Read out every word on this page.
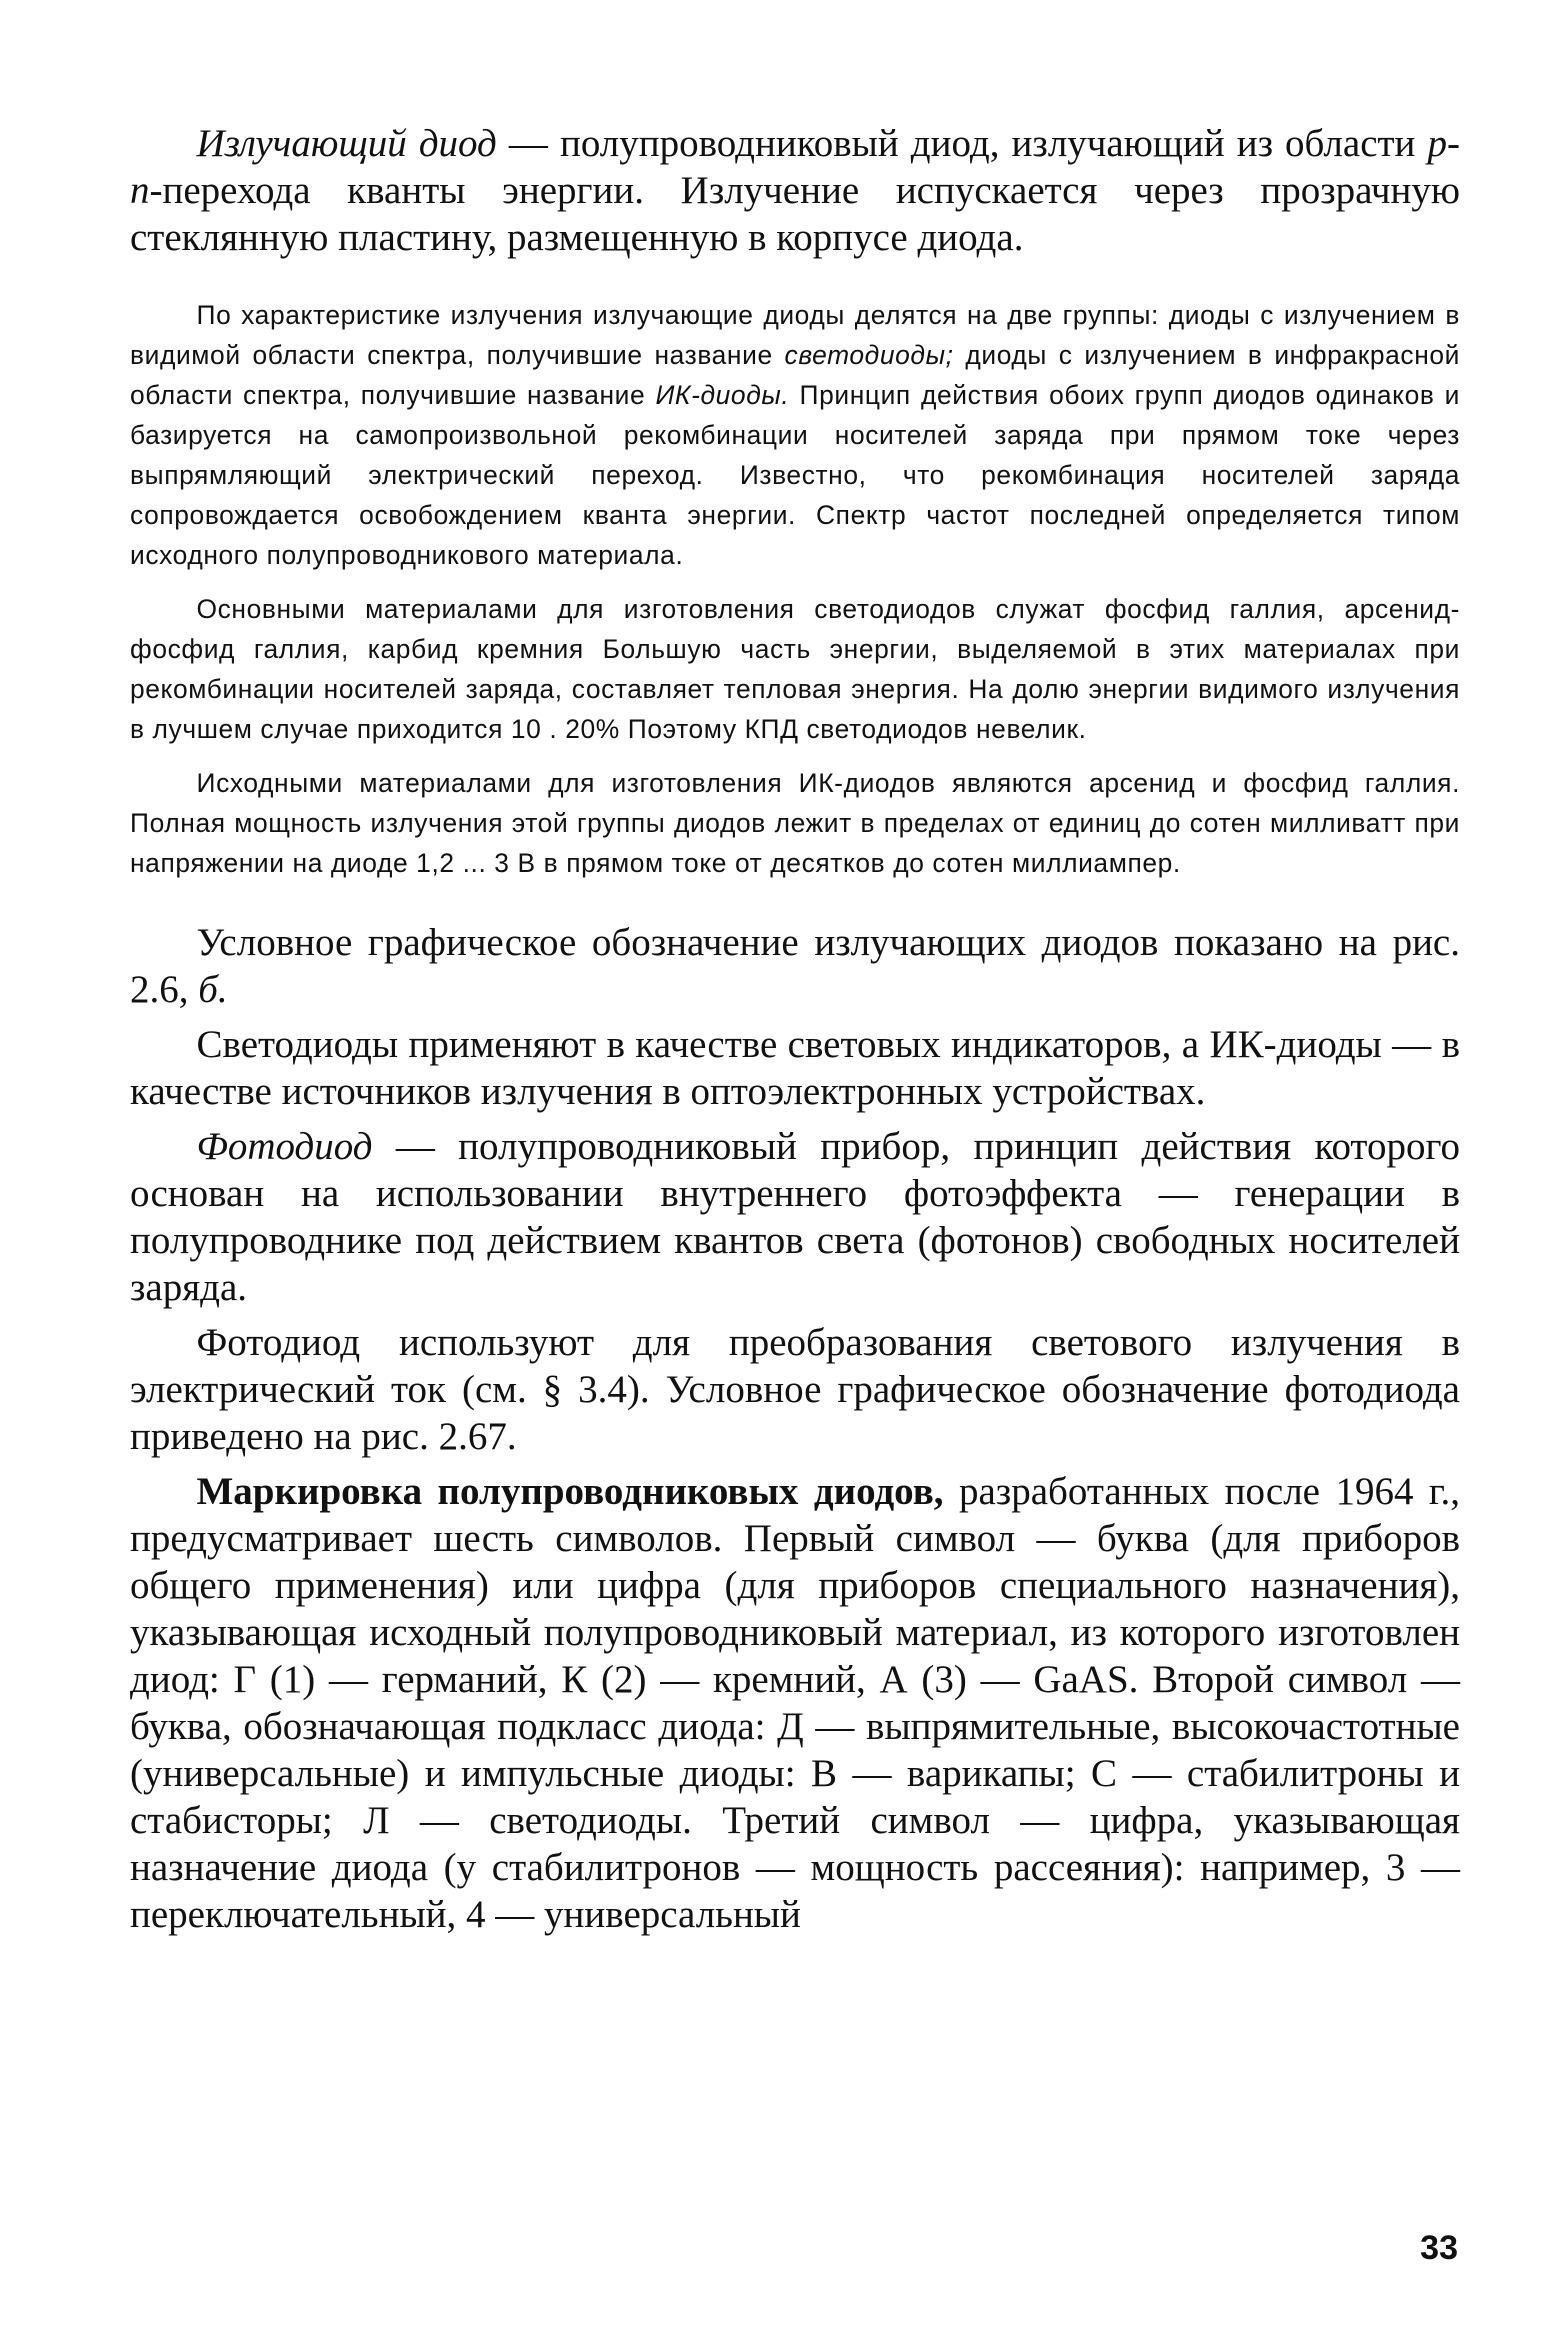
Излучающий диод — полупроводниковый диод, излучающий из области p-n-перехода кванты энергии. Излучение испускается через прозрачную стеклянную пластину, размещенную в корпусе диода.

По характеристике излучения излучающие диоды делятся на две группы: диоды с излучением в видимой области спектра, получившие название светодиоды; диоды с излучением в инфракрасной области спектра, получившие название ИК-диоды. Принцип действия обоих групп диодов одинаков и базируется на самопроизвольной рекомбинации носителей заряда при прямом токе через выпрямляющий электрический переход. Известно, что рекомбинация носителей заряда сопровождается освобождением кванта энергии. Спектр частот последней определяется типом исходного полупроводникового материала.

Основными материалами для изготовления светодиодов служат фосфид галлия, арсенид-фосфид галлия, карбид кремния Большую часть энергии, выделяемой в этих материалах при рекомбинации носителей заряда, составляет тепловая энергия. На долю энергии видимого излучения в лучшем случае приходится 10 . 20% Поэтому КПД светодиодов невелик.

Исходными материалами для изготовления ИК-диодов являются арсенид и фосфид галлия. Полная мощность излучения этой группы диодов лежит в пределах от единиц до сотен милливатт при напряжении на диоде 1,2 ... 3 В в прямом токе от десятков до сотен миллиампер.

Условное графическое обозначение излучающих диодов показано на рис. 2.6, б.

Светодиоды применяют в качестве световых индикаторов, а ИК-диоды — в качестве источников излучения в оптоэлектронных устройствах.

Фотодиод — полупроводниковый прибор, принцип действия которого основан на использовании внутреннего фотоэффекта — генерации в полупроводнике под действием квантов света (фотонов) свободных носителей заряда.

Фотодиод используют для преобразования светового излучения в электрический ток (см. § 3.4). Условное графическое обозначение фотодиода приведено на рис. 2.67.

Маркировка полупроводниковых диодов, разработанных после 1964 г., предусматривает шесть символов. Первый символ — буква (для приборов общего применения) или цифра (для приборов специального назначения), указывающая исходный полупроводниковый материал, из которого изготовлен диод: Г (1) — германий, К (2) — кремний, А (3) — GaAS. Второй символ — буква, обозначающая подкласс диода: Д — выпрямительные, высокочастотные (универсальные) и импульсные диоды: В — варикапы; С — стабилитроны и стабисторы; Л — светодиоды. Третий символ — цифра, указывающая назначение диода (у стабилитронов — мощность рассеяния): например, 3 — переключательный, 4 — универсальный

33
